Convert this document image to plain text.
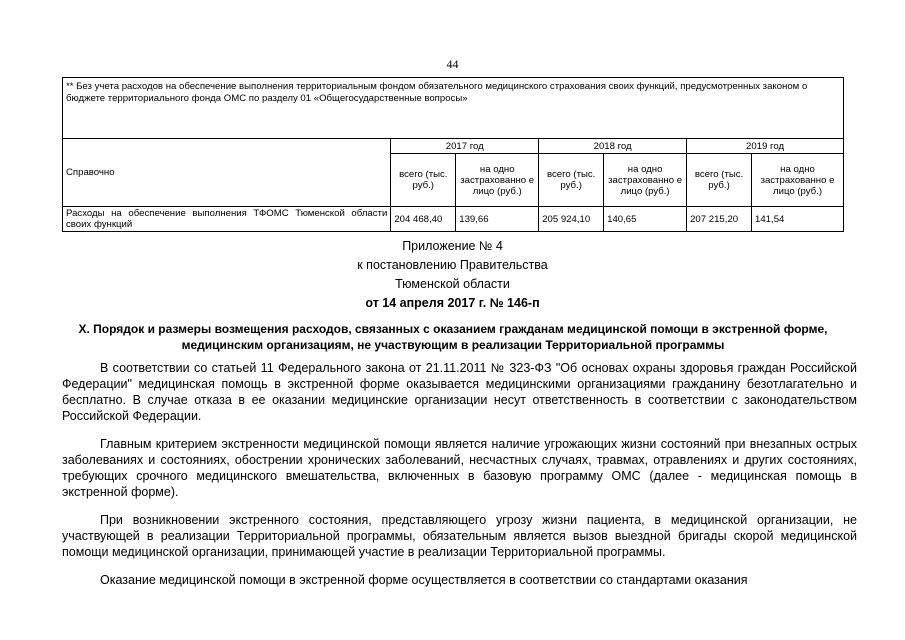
44
** Без учета расходов на обеспечение выполнения территориальным фондом обязательного медицинского страхования своих функций, предусмотренных законом о бюджете территориального фонда ОМС по разделу 01 «Общегосударственные вопросы»
Справочно	2017 год		2018 год		2019 год	
	всего (тыс. руб.)	на одно застрахованно е лицо (руб.)	всего (тыс. руб.)	на одно застрахованно е лицо (руб.)	всего (тыс. руб.)	на одно застрахованно е лицо (руб.)
Расходы на обеспечение выполнения ТФОМС Тюменской области своих функций	204 468,40	139,66	205 924,10	140,65	207 215,20	141,54
Приложение № 4
к постановлению Правительства
Тюменской области
от 14 апреля 2017 г. № 146-п
X. Порядок и размеры возмещения расходов, связанных с оказанием гражданам медицинской помощи в экстренной форме, медицинским организациям, не участвующим в реализации Территориальной программы

В соответствии со статьей 11 Федерального закона от 21.11.2011 № 323-ФЗ "Об основах охраны здоровья граждан Российской Федерации" медицинская помощь в экстренной форме оказывается медицинскими организациями гражданину безотлагательно и бесплатно. В случае отказа в ее оказании медицинские организации несут ответственность в соответствии с законодательством Российской Федерации.

Главным критерием экстренности медицинской помощи является наличие угрожающих жизни состояний при внезапных острых заболеваниях и состояниях, обострении хронических заболеваний, несчастных случаях, травмах, отравлениях и других состояниях, требующих срочного медицинского вмешательства, включенных в базовую программу ОМС (далее - медицинская помощь в экстренной форме).

При возникновении экстренного состояния, представляющего угрозу жизни пациента, в медицинской организации, не участвующей в реализации Территориальной программы, обязательным является вызов выездной бригады скорой медицинской помощи медицинской организации, принимающей участие в реализации Территориальной программы.

Оказание медицинской помощи в экстренной форме осуществляется в соответствии со стандартами оказания
